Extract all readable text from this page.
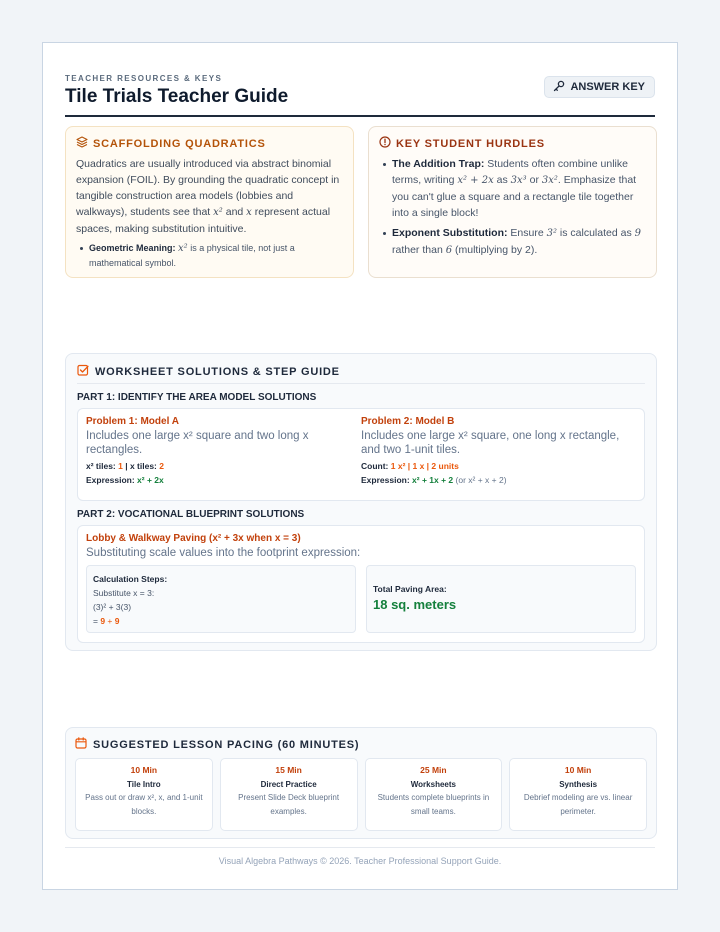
TEACHER RESOURCES & KEYS
Tile Trials Teacher Guide	ANSWER KEY
SCAFFOLDING QUADRATICS
Quadratics are usually introduced via abstract binomial expansion (FOIL). By grounding the quadratic concept in tangible construction area models (lobbies and walkways), students see that x² and x represent actual spaces, making substitution intuitive.
Geometric Meaning: x² is a physical tile, not just a mathematical symbol.
KEY STUDENT HURDLES
The Addition Trap: Students often combine unlike terms, writing x² + 2x as 3x³ or 3x². Emphasize that you can't glue a square and a rectangle tile together into a single block!
Exponent Substitution: Ensure 3² is calculated as 9 rather than 6 (multiplying by 2).
WORKSHEET SOLUTIONS & STEP GUIDE
PART 1: IDENTIFY THE AREA MODEL SOLUTIONS
Problem 1: Model A
Includes one large x² square and two long x rectangles.
x² tiles: 1 | x tiles: 2
Expression: x² + 2x
Problem 2: Model B
Includes one large x² square, one long x rectangle, and two 1-unit tiles.
Count: 1 x² | 1 x | 2 units
Expression: x² + 1x + 2 (or x² + x + 2)
PART 2: VOCATIONAL BLUEPRINT SOLUTIONS
Lobby & Walkway Paving (x² + 3x when x = 3)
Substituting scale values into the footprint expression:
Calculation Steps:
Substitute x = 3:
(3)² + 3(3)
= 9 + 9
Total Paving Area:
18 sq. meters
SUGGESTED LESSON PACING (60 MINUTES)
10 Min
Tile Intro
Pass out or draw x², x, and 1-unit blocks.
15 Min
Direct Practice
Present Slide Deck blueprint examples.
25 Min
Worksheets
Students complete blueprints in small teams.
10 Min
Synthesis
Debrief modeling are vs. linear perimeter.
Visual Algebra Pathways © 2026. Teacher Professional Support Guide.
